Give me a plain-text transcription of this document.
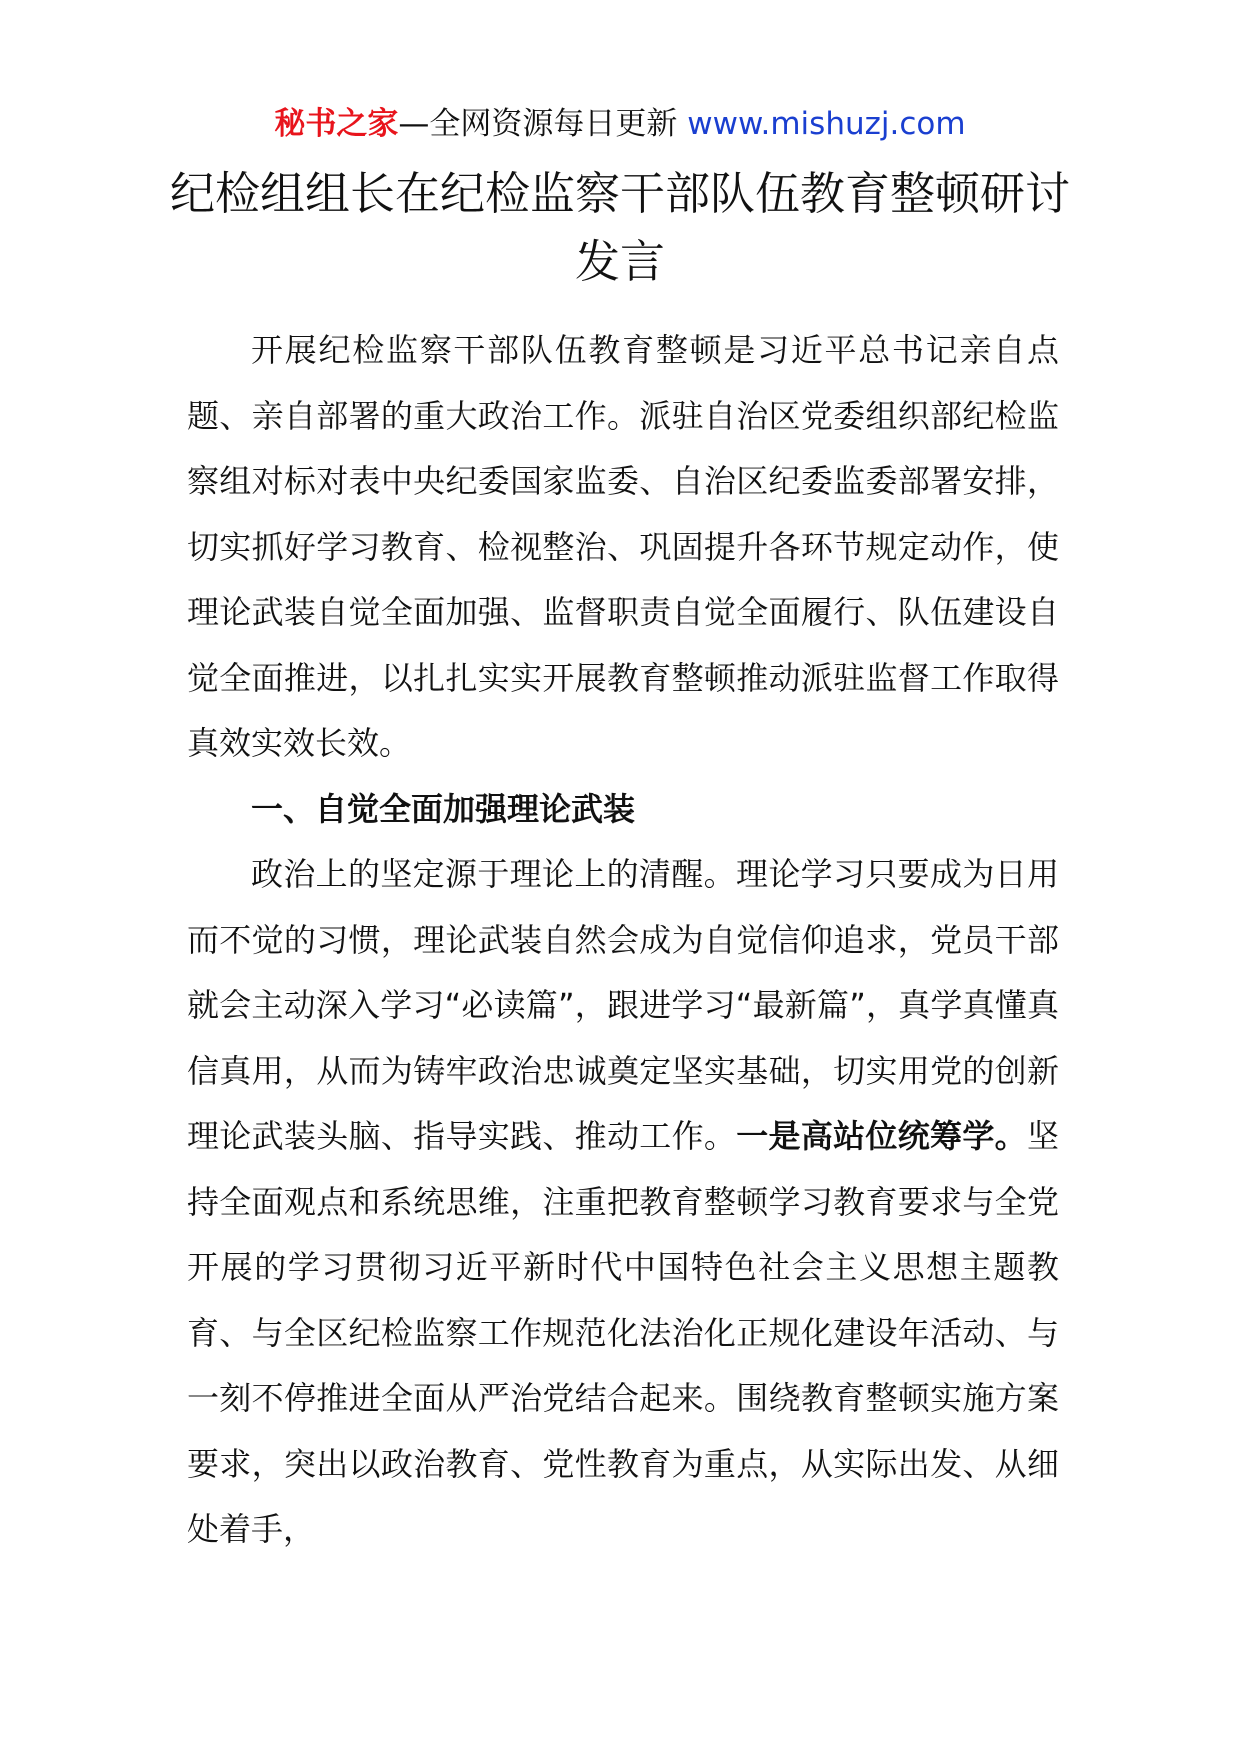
秘书之家—全网资源每日更新 www.mishuzj.com
纪检组组长在纪检监察干部队伍教育整顿研讨发言

开展纪检监察干部队伍教育整顿是习近平总书记亲自点题、亲自部署的重大政治工作。派驻自治区党委组织部纪检监察组对标对表中央纪委国家监委、自治区纪委监委部署安排，切实抓好学习教育、检视整治、巩固提升各环节规定动作，使理论武装自觉全面加强、监督职责自觉全面履行、队伍建设自觉全面推进，以扎扎实实开展教育整顿推动派驻监督工作取得真效实效长效。

一、自觉全面加强理论武装

政治上的坚定源于理论上的清醒。理论学习只要成为日用而不觉的习惯，理论武装自然会成为自觉信仰追求，党员干部就会主动深入学习“必读篇”，跟进学习“最新篇”，真学真懂真信真用，从而为铸牢政治忠诚奠定坚实基础，切实用党的创新理论武装头脑、指导实践、推动工作。一是高站位统筹学。坚持全面观点和系统思维，注重把教育整顿学习教育要求与全党开展的学习贯彻习近平新时代中国特色社会主义思想主题教育、与全区纪检监察工作规范化法治化正规化建设年活动、与一刻不停推进全面从严治党结合起来。围绕教育整顿实施方案要求，突出以政治教育、党性教育为重点，从实际出发、从细处着手，
